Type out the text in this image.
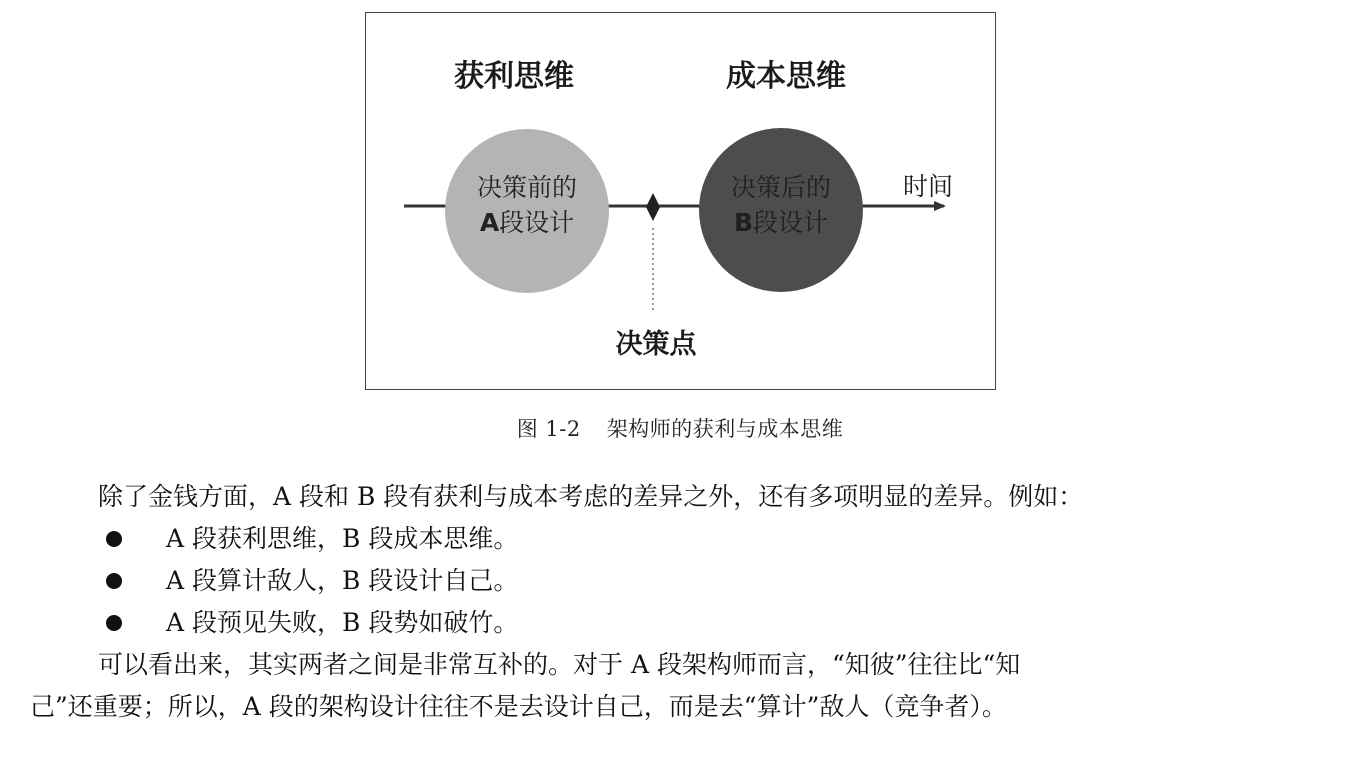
获利思维	成本思维
决策前的
A段设计
决策后的
B段设计
时间
决策点
图 1-2 架构师的获利与成本思维

除了金钱方面，A 段和 B 段有获利与成本考虑的差异之外，还有多项明显的差异。例如：

A 段获利思维，B 段成本思维。
A 段算计敌人，B 段设计自己。
A 段预见失败，B 段势如破竹。

可以看出来，其实两者之间是非常互补的。对于 A 段架构师而言，“知彼”往往比“知

己”还重要；所以，A 段的架构设计往往不是去设计自己，而是去“算计”敌人（竞争者）。
